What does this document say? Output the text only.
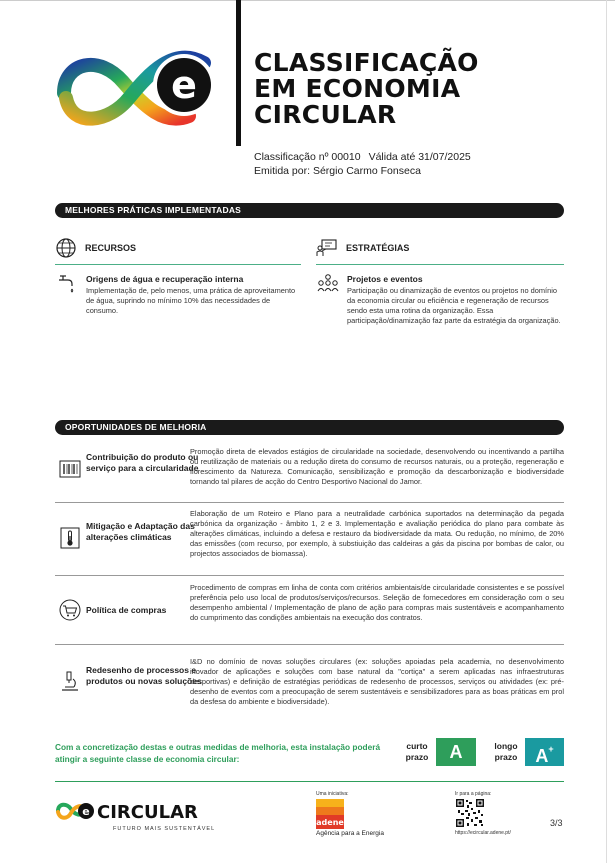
e
CLASSIFICAÇÃO
EM ECONOMIA
CIRCULAR
Classificação nº 00010 Válida até 31/07/2025
Emitida por: Sérgio Carmo Fonseca
MELHORES PRÁTICAS IMPLEMENTADAS
RECURSOS	ESTRATÉGIAS
Origens de água e recuperação interna
Implementação de, pelo menos, uma prática de aproveitamento de água, suprindo no mínimo 10% das necessidades de consumo.
Projetos e eventos
Participação ou dinamização de eventos ou projetos no domínio da economia circular ou eficiência e regeneração de recursos sendo esta uma rotina da organização. Essa participação/dinamização faz parte da estratégia da organização.
OPORTUNIDADES DE MELHORIA
Contribuição do produto ou serviço para a circularidade
Promoção direta de elevados estágios de circularidade na sociedade, desenvolvendo ou incentivando a partilha ou reutilização de materiais ou a redução direta do consumo de recursos naturais, ou a proteção, regeneração e florescimento da Natureza. Comunicação, sensibilização e promoção da descarbonização e biodiversidade tornando tal pilares de acção do Centro Desportivo Nacional do Jamor.
Mitigação e Adaptação das alterações climáticas
Elaboração de um Roteiro e Plano para a neutralidade carbónica suportados na determinação da pegada carbónica da organização - âmbito 1, 2 e 3. Implementação e avaliação periódica do plano para combate às alterações climáticas, incluindo a defesa e restauro da biodiversidade da mata. Ou redução, no mínimo, de 20% das emissões (com recurso, por exemplo, à substiuição das caldeiras a gás da piscina por bombas de calor, ou projectos associados de biomassa).
Política de compras
Procedimento de compras em linha de conta com critérios ambientais/de circularidade consistentes e se possível preferência pelo uso local de produtos/serviços/recursos. Seleção de fornecedores em consideração com o seu desempenho ambiental / Implementação de plano de ação para compras mais sustentáveis e acompanhamento do cumprimento das condições ambientais na execução dos contratos.
Redesenho de processos e produtos ou novas soluções
I&D no domínio de novas soluções circulares (ex: soluções apoiadas pela academia, no desenvolvimento inovador de aplicações e soluções com base natural da "cortiça" a serem aplicadas nas infraestruturas desportivas) e definição de estratégias periódicas de redesenho de processos, serviços ou atividades (ex: pré-desenho de eventos com a preocupação de serem sustentáveis e sensibilizadores para as boas práticas em prol da desfesa do ambiente e biodiversidade).
Com a concretização destas e outras medidas de melhoria, esta instalação poderá atingir a seguinte classe de economia circular:
curto prazo	A	longo prazo	A+
e CIRCULAR
FUTURO MAIS SUSTENTÁVEL
Uma iniciativa:
adene
Agência para a Energia
Ir para a página:
https://ecircular.adene.pt/
3/3
